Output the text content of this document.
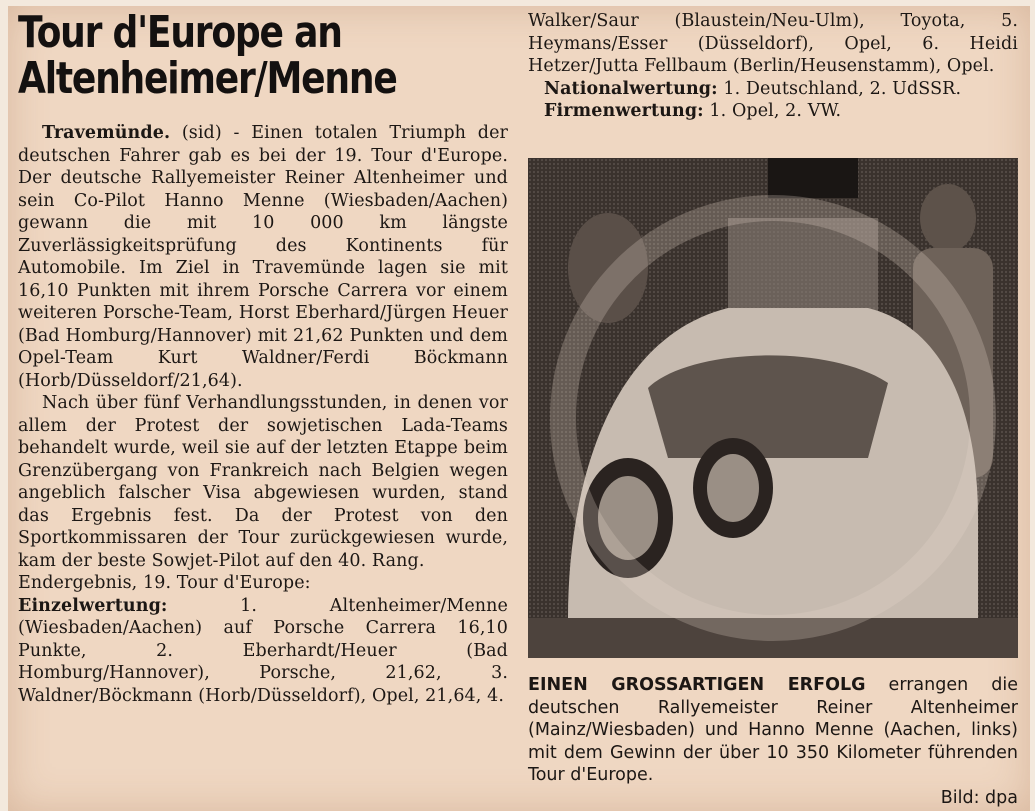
Tour d'Europe an
Altenheimer/Menne

Travemünde. (sid) - Einen totalen Triumph der deutschen Fahrer gab es bei der 19. Tour d'Europe. Der deutsche Rallyemeister Reiner Altenheimer und sein Co-Pilot Hanno Menne (Wiesbaden/Aachen) gewann die mit 10 000 km längste Zuverlässigkeitsprüfung des Kontinents für Automobile. Im Ziel in Travemünde lagen sie mit 16,10 Punkten mit ihrem Porsche Carrera vor einem weiteren Porsche-Team, Horst Eberhard/Jürgen Heuer (Bad Homburg/Hannover) mit 21,62 Punkten und dem Opel-Team Kurt Waldner/Ferdi Böckmann (Horb/Düsseldorf/21,64).

Nach über fünf Verhandlungsstunden, in denen vor allem der Protest der sowjetischen Lada-Teams behandelt wurde, weil sie auf der letzten Etappe beim Grenzübergang von Frankreich nach Belgien wegen angeblich falscher Visa abgewiesen wurden, stand das Ergebnis fest. Da der Protest von den Sportkommissaren der Tour zurückgewiesen wurde, kam der beste Sowjet-Pilot auf den 40. Rang.

Endergebnis, 19. Tour d'Europe:

Einzelwertung: 1. Altenheimer/Menne (Wiesbaden/Aachen) auf Porsche Carrera 16,10 Punkte, 2. Eberhardt/Heuer (Bad Homburg/Hannover), Porsche, 21,62, 3. Waldner/Böckmann (Horb/Düsseldorf), Opel, 21,64, 4.

Walker/Saur (Blaustein/Neu-Ulm), Toyota, 5. Heymans/Esser (Düsseldorf), Opel, 6. Heidi Hetzer/Jutta Fellbaum (Berlin/Heusenstamm), Opel.

Nationalwertung: 1. Deutschland, 2. UdSSR.

Firmenwertung: 1. Opel, 2. VW.

EINEN GROSSARTIGEN ERFOLG errangen die deutschen Rallyemeister Reiner Altenheimer (Mainz/Wiesbaden) und Hanno Menne (Aachen, links) mit dem Gewinn der über 10 350 Kilometer führenden Tour d'Europe.
Bild: dpa
